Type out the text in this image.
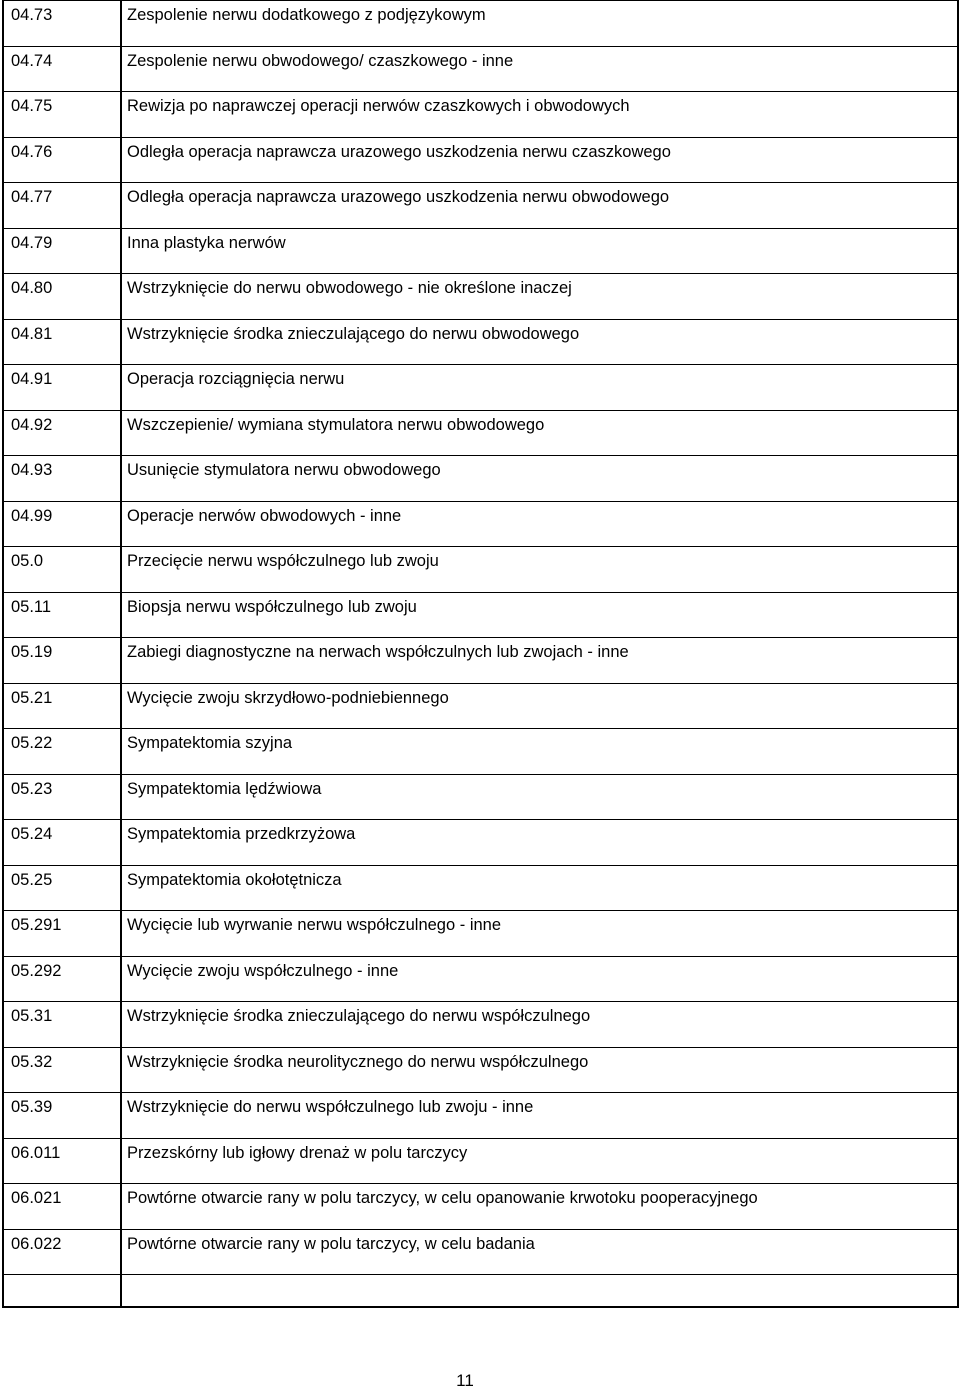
04.73	Zespolenie nerwu dodatkowego z podjęzykowym
04.74	Zespolenie nerwu obwodowego/ czaszkowego - inne
04.75	Rewizja po naprawczej operacji nerwów czaszkowych i obwodowych
04.76	Odległa operacja naprawcza urazowego uszkodzenia nerwu czaszkowego
04.77	Odległa operacja naprawcza urazowego uszkodzenia nerwu obwodowego
04.79	Inna plastyka nerwów
04.80	Wstrzyknięcie do nerwu obwodowego - nie określone inaczej
04.81	Wstrzyknięcie środka znieczulającego do nerwu obwodowego
04.91	Operacja rozciągnięcia nerwu
04.92	Wszczepienie/ wymiana stymulatora nerwu obwodowego
04.93	Usunięcie stymulatora nerwu obwodowego
04.99	Operacje nerwów obwodowych - inne
05.0	Przecięcie nerwu współczulnego lub zwoju
05.11	Biopsja nerwu współczulnego lub zwoju
05.19	Zabiegi diagnostyczne na nerwach współczulnych lub zwojach - inne
05.21	Wycięcie zwoju skrzydłowo-podniebiennego
05.22	Sympatektomia szyjna
05.23	Sympatektomia lędźwiowa
05.24	Sympatektomia przedkrzyżowa
05.25	Sympatektomia okołotętnicza
05.291	Wycięcie lub wyrwanie nerwu współczulnego - inne
05.292	Wycięcie zwoju współczulnego - inne
05.31	Wstrzyknięcie środka znieczulającego do nerwu współczulnego
05.32	Wstrzyknięcie środka neurolitycznego do nerwu współczulnego
05.39	Wstrzyknięcie do nerwu współczulnego lub zwoju - inne
06.011	Przezskórny lub igłowy drenaż w polu tarczycy
06.021	Powtórne otwarcie rany w polu tarczycy, w celu opanowanie krwotoku pooperacyjnego
06.022	Powtórne otwarcie rany w polu tarczycy, w celu badania

11
